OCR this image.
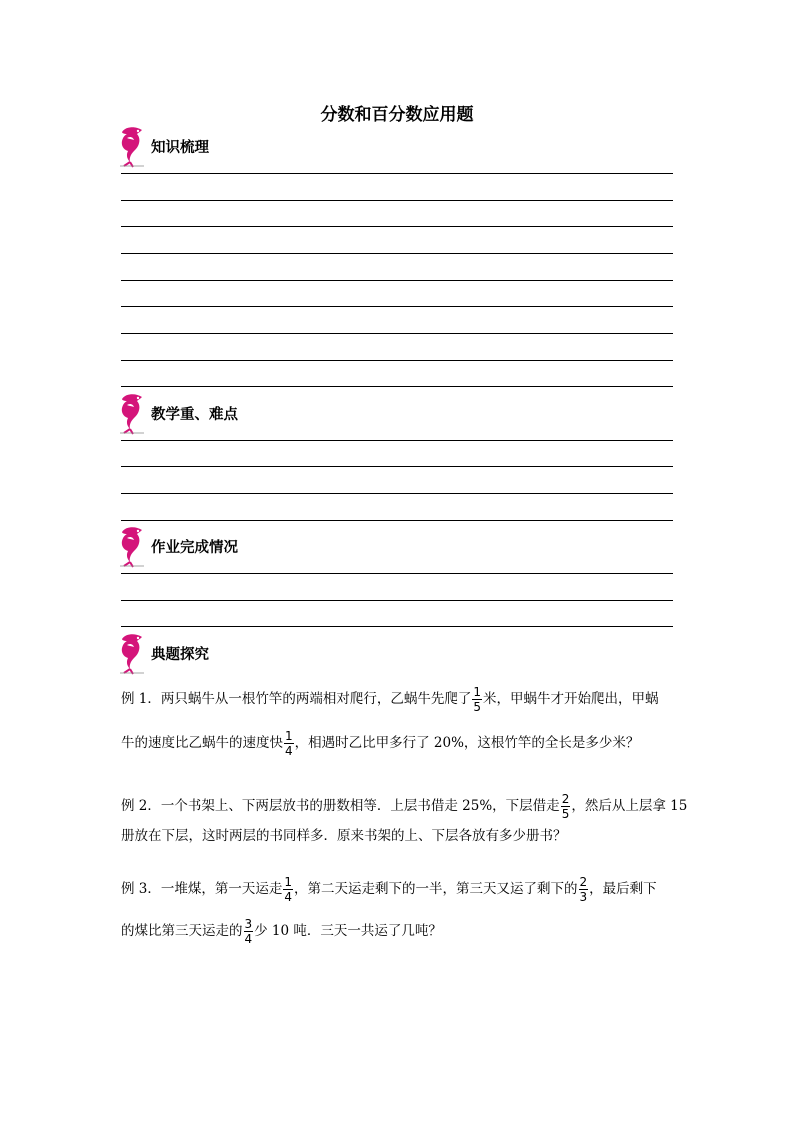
分数和百分数应用题
知识梳理
教学重、难点
作业完成情况
典题探究
例 1．两只蜗牛从一根竹竿的两端相对爬行，乙蜗牛先爬了 $\frac{1}{5}$ 米，甲蜗牛才开始爬出，甲蜗
牛的速度比乙蜗牛的速度快 $\frac{1}{4}$ ，相遇时乙比甲多行了 20%，这根竹竿的全长是多少米？
例 2．一个书架上、下两层放书的册数相等．上层书借走 25%，下层借走 $\frac{2}{5}$ ，然后从上层拿 15
册放在下层，这时两层的书同样多．原来书架的上、下层各放有多少册书？
例 3．一堆煤，第一天运走 $\frac{1}{4}$ ，第二天运走剩下的一半，第三天又运了剩下的 $\frac{2}{3}$ ，最后剩下
的煤比第三天运走的 $\frac{3}{4}$ 少 10 吨．三天一共运了几吨？
